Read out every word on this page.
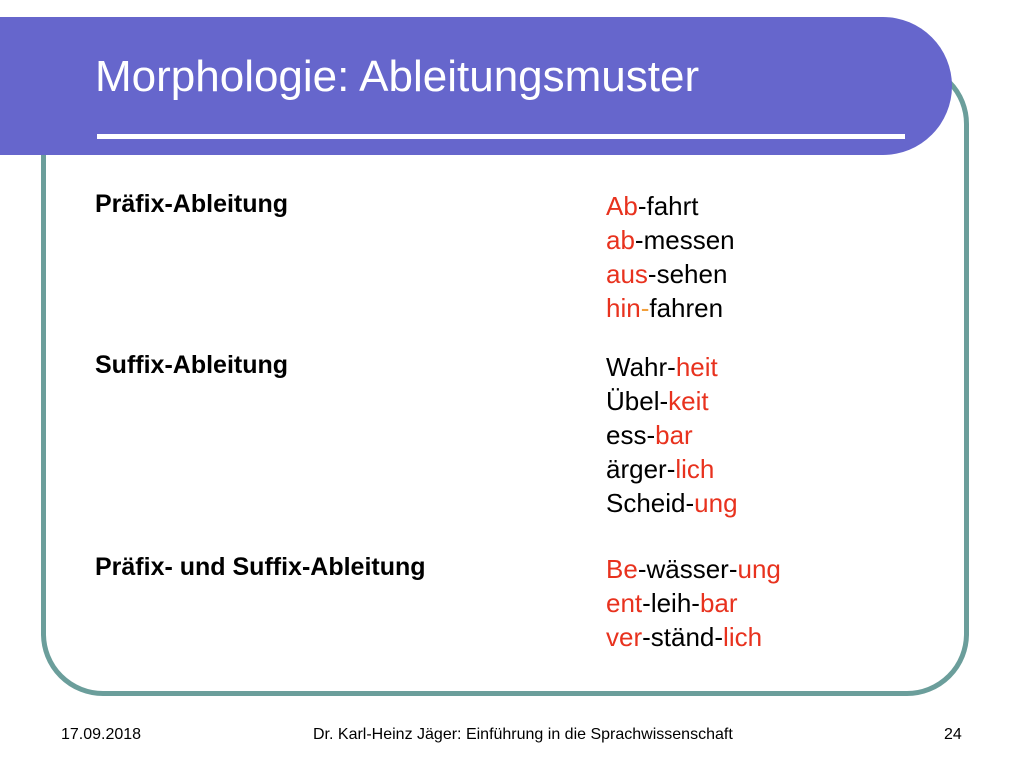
Morphologie: Ableitungsmuster
Präfix-Ableitung	Ab-fahrt
ab-messen
aus-sehen
hin-fahren
Suffix-Ableitung	Wahr-heit
Übel-keit
ess-bar
ärger-lich
Scheid-ung
Präfix- und Suffix-Ableitung	Be-wässer-ung
ent-leih-bar
ver-ständ-lich

17.09.2018	Dr. Karl-Heinz Jäger: Einführung in die Sprachwissenschaft	24
